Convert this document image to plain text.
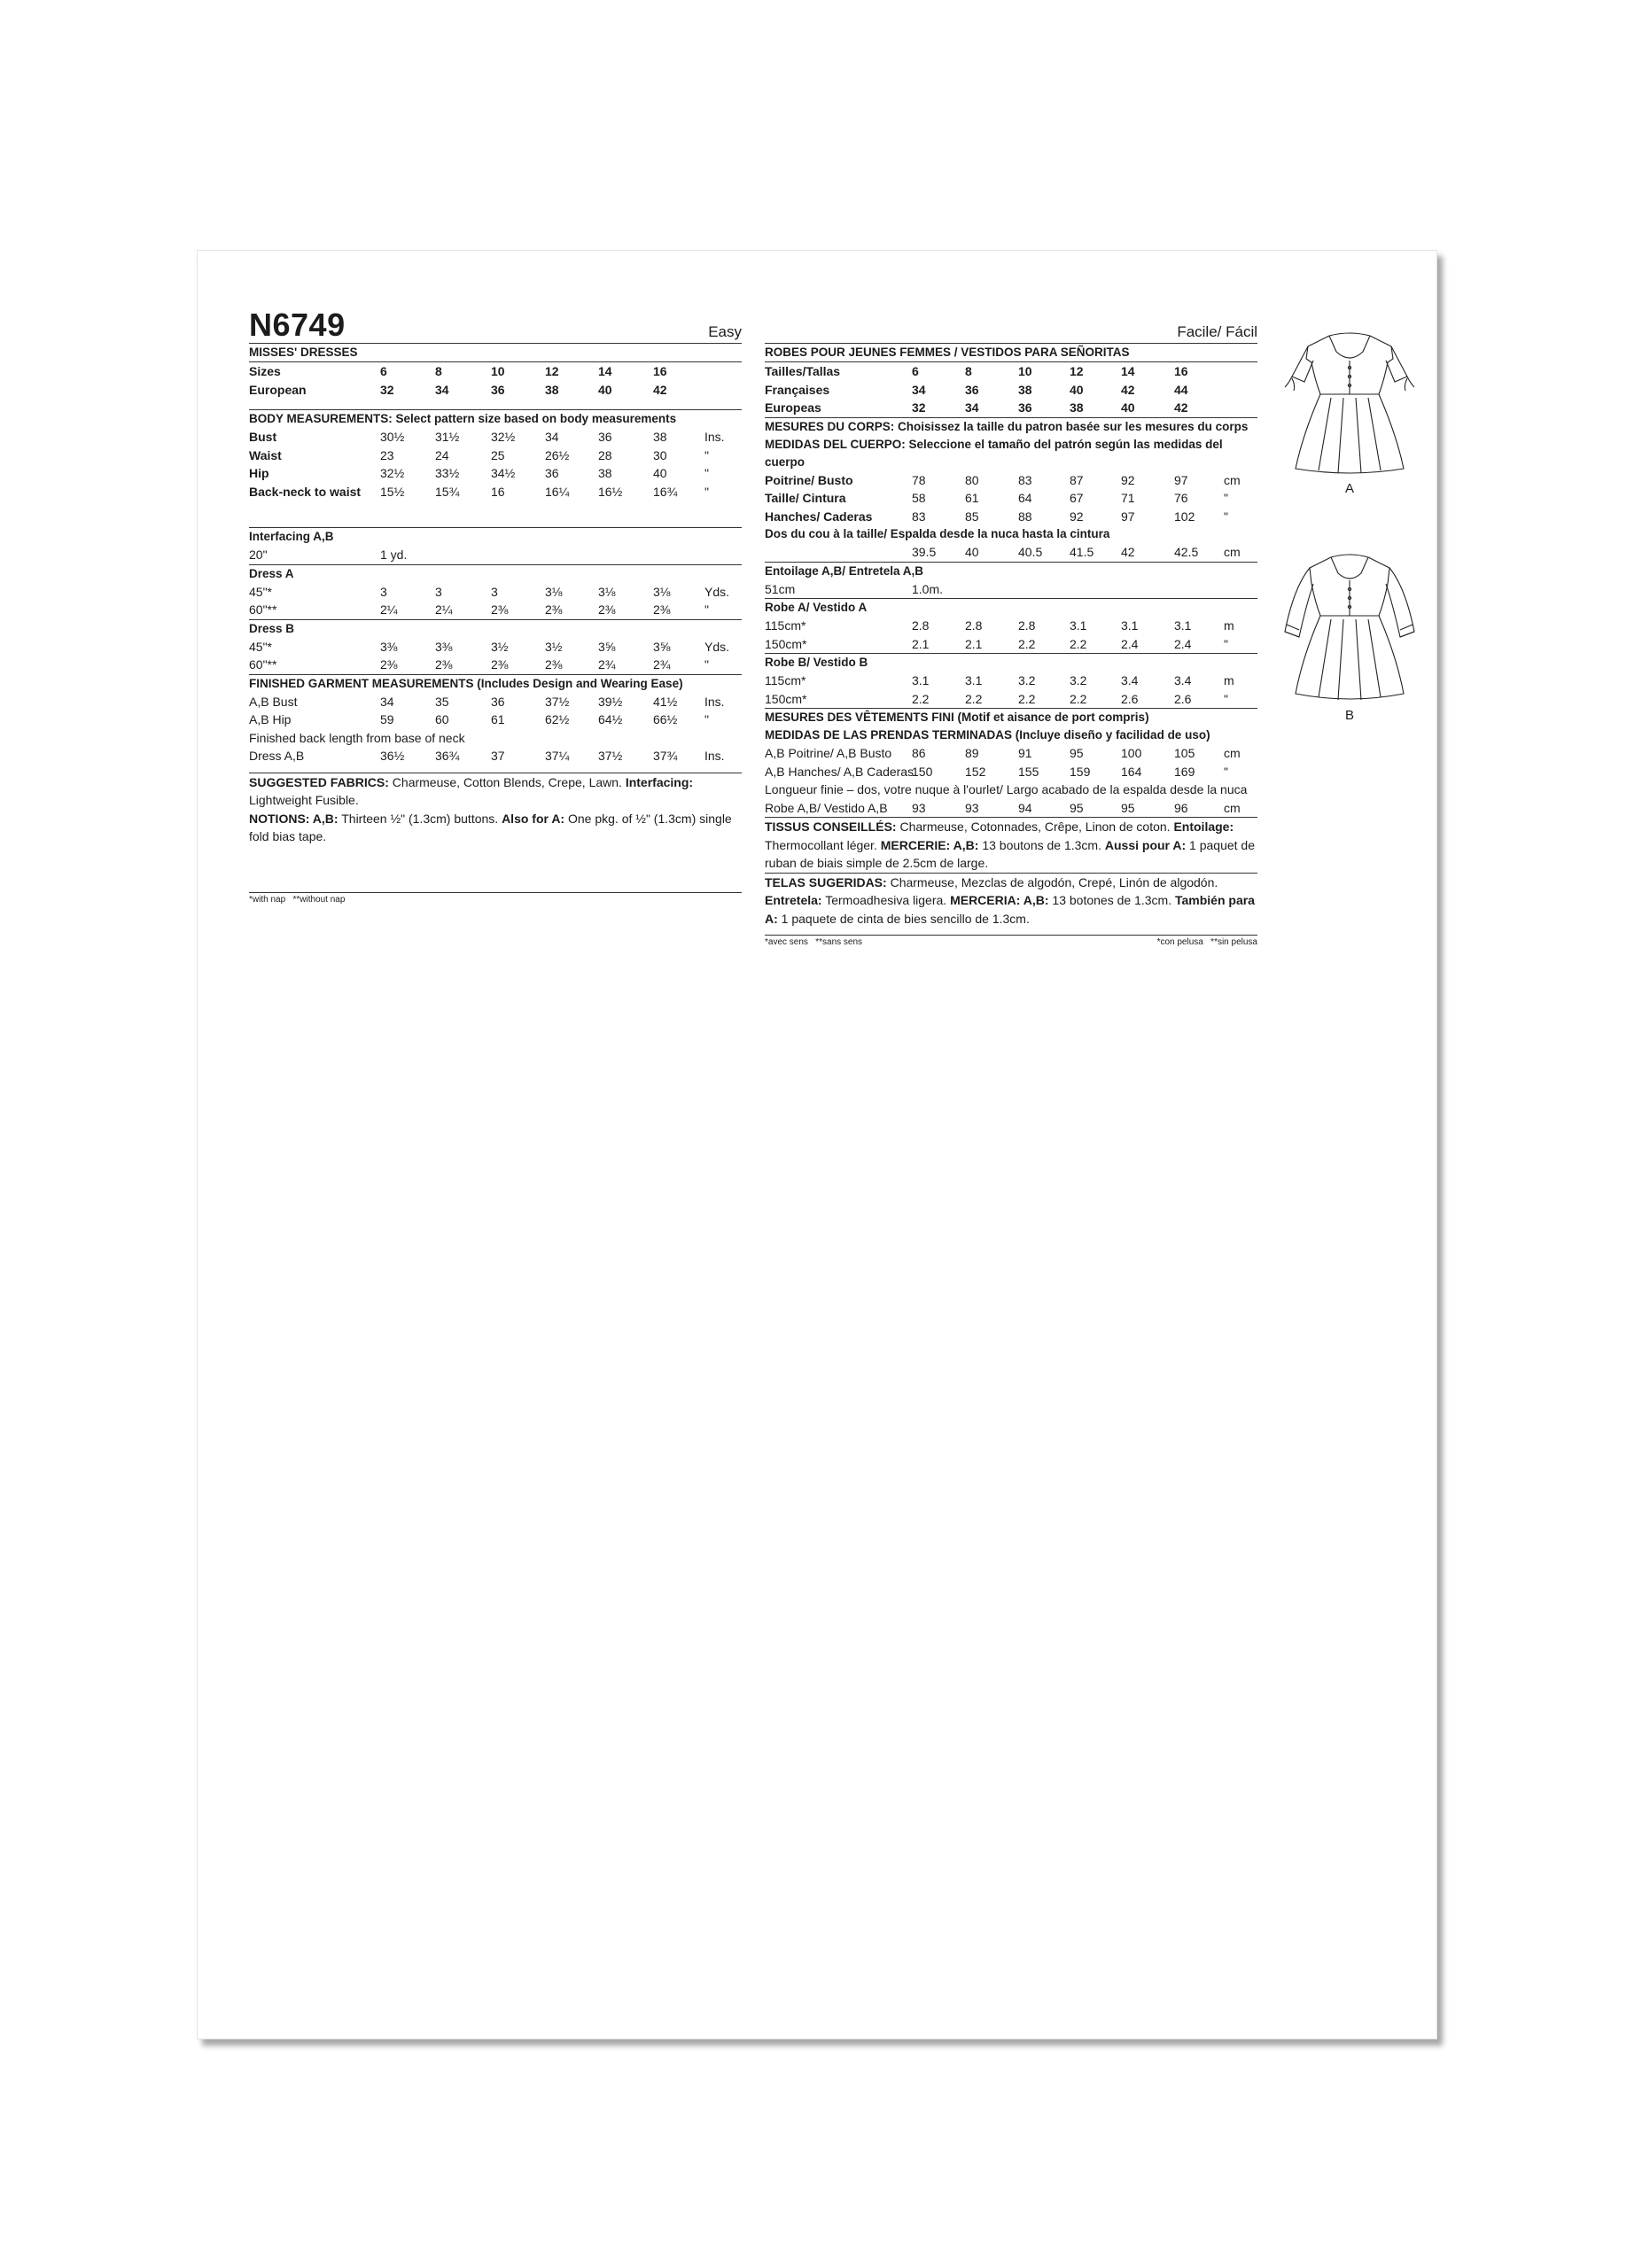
N6749	Easy
MISSES' DRESSES
Sizes	6	8	10	12	14	16
European	32	34	36	38	40	42
BODY MEASUREMENTS: Select pattern size based on body measurements
Bust	30½ 31½	32½ 34	36	38	Ins.
Waist	23	24	25	26½ 28	30	"
Hip	32½ 33½	34½ 36	38	40	"
Back-neck to waist 15½ 15¾	16	16¼ 16½ 16¾ "
Interfacing A,B
20"	1 yd.
Dress A
45"*	3	3	3	3⅛	3⅛	3⅛	Yds.
60"**	2¼	2¼	2⅜	2⅜	2⅜	2⅜	"
Dress B
45"*	3⅜	3⅜	3½	3½	3⅝	3⅝	Yds.
60"**	2⅜	2⅜	2⅜	2⅜	2¾	2¾	"
FINISHED GARMENT MEASUREMENTS (Includes Design and Wearing Ease)
A,B Bust	34	35	36	37½ 39½ 41½ Ins.
A,B Hip	59	60	61	62½ 64½ 66½ "
Finished back length from base of neck
Dress A,B	36½ 36¾	37	37¼ 37½ 37¾ Ins.
SUGGESTED FABRICS: Charmeuse, Cotton Blends, Crepe, Lawn. Interfacing: Lightweight Fusible.
NOTIONS: A,B: Thirteen ½" (1.3cm) buttons. Also for A: One pkg. of ½" (1.3cm) single fold bias tape.
*with nap   **without nap
Facile/ Fácil
ROBES POUR JEUNES FEMMES / VESTIDOS PARA SEÑORITAS
Tailles/Tallas	6	8	10	12	14	16
Françaises	34	36	38	40	42	44
Europeas	32	34	36	38	40	42
MESURES DU CORPS: Choisissez la taille du patron basée sur les mesures du corps
MEDIDAS DEL CUERPO: Seleccione el tamaño del patrón según las medidas del cuerpo
Poitrine/ Busto	78	80	83	87	92	97	cm
Taille/ Cintura	58	61	64	67	71	76	"
Hanches/ Caderas	83	85	88	92	97	102 "
Dos du cou à la taille/ Espalda desde la nuca hasta la cintura
39.5 40	40.5 41.5 42	42.5 cm
Entoilage A,B/ Entretela A,B
51cm	1.0m.
Robe A/ Vestido A
115cm*	2.8	2.8	2.8	3.1	3.1	3.1	m
150cm*	2.1	2.1	2.2	2.2	2.4	2.4	"
Robe B/ Vestido B
115cm*	3.1	3.1	3.2	3.2	3.4	3.4	m
150cm*	2.2	2.2	2.2	2.2	2.6	2.6	"
MESURES DES VÊTEMENTS FINI (Motif et aisance de port compris)
MEDIDAS DE LAS PRENDAS TERMINADAS (Incluye diseño y facilidad de uso)
A,B Poitrine/ A,B Busto 86	89	91	95	100	105 cm
A,B Hanches/ A,B Caderas
150	152	155 159 164	169 "
Longueur finie – dos, votre nuque à l'ourlet/ Largo acabado de la espalda desde la nuca
Robe A,B/ Vestido A,B 93	93	94	95	95	96	cm
TISSUS CONSEILLÉS: Charmeuse, Cotonnades, Crêpe, Linon de coton. Entoilage: Thermocollant léger. MERCERIE: A,B: 13 boutons de 1.3cm. Aussi pour A: 1 paquet de ruban de biais simple de 2.5cm de large.
TELAS SUGERIDAS: Charmeuse, Mezclas de algodón, Crepé, Linón de algodón. Entretela: Termoadhesiva ligera. MERCERIA: A,B: 13 botones de 1.3cm. También para A: 1 paquete de cinta de bies sencillo de 1.3cm.
*avec sens   **sans sens	*con pelusa   **sin pelusa
A
B
